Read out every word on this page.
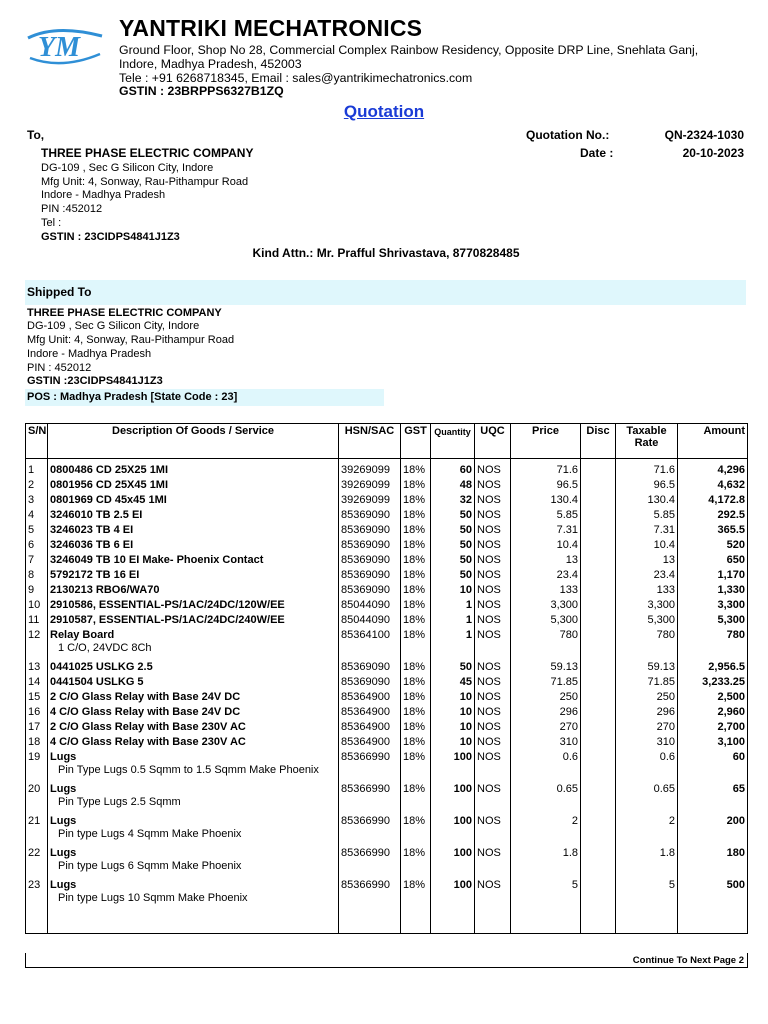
YM
YANTRIKI MECHATRONICS
Ground Floor, Shop No 28, Commercial Complex Rainbow Residency, Opposite DRP Line, Snehlata Ganj,
Indore, Madhya Pradesh, 452003
Tele : +91 6268718345, Email : sales@yantrikimechatronics.com
GSTIN : 23BRPPS6327B1ZQ
Quotation
To,
THREE PHASE ELECTRIC COMPANY
DG-109 , Sec G Silicon City, Indore
Mfg Unit: 4, Sonway, Rau-Pithampur Road
Indore - Madhya Pradesh
PIN :452012
Tel :
GSTIN : 23CIDPS4841J1Z3
Quotation No.:	QN-2324-1030
Date :	20-10-2023
Kind Attn.: Mr. Prafful Shrivastava, 8770828485
Shipped To
THREE PHASE ELECTRIC COMPANY
DG-109 , Sec G Silicon City, Indore
Mfg Unit: 4, Sonway, Rau-Pithampur Road
Indore - Madhya Pradesh
PIN : 452012
GSTIN :23CIDPS4841J1Z3
POS : Madhya Pradesh [State Code : 23]
S/N	Description Of Goods / Service	HSN/SAC	GST	Quantity	UQC	Price	Disc	Taxable Rate	Amount

1	0800486 CD 25X25 1MI	39269099	18%	60	NOS	71.6		71.6	4,296
2	0801956 CD 25X45 1MI	39269099	18%	48	NOS	96.5		96.5	4,632
3	0801969 CD 45x45 1MI	39269099	18%	32	NOS	130.4		130.4	4,172.8
4	3246010 TB 2.5 EI	85369090	18%	50	NOS	5.85		5.85	292.5
5	3246023 TB 4 EI	85369090	18%	50	NOS	7.31		7.31	365.5
6	3246036 TB 6 EI	85369090	18%	50	NOS	10.4		10.4	520
7	3246049 TB 10 EI Make- Phoenix Contact	85369090	18%	50	NOS	13		13	650
8	5792172 TB 16 EI	85369090	18%	50	NOS	23.4		23.4	1,170
9	2130213 RBO6/WA70	85369090	18%	10	NOS	133		133	1,330
10	2910586, ESSENTIAL-PS/1AC/24DC/120W/EE	85044090	18%	1	NOS	3,300		3,300	3,300
11	2910587, ESSENTIAL-PS/1AC/24DC/240W/EE	85044090	18%	1	NOS	5,300		5,300	5,300
12	Relay Board
1 C/O, 24VDC 8Ch	85364100	18%	1	NOS	780		780	780
13	0441025 USLKG 2.5	85369090	18%	50	NOS	59.13		59.13	2,956.5
14	0441504 USLKG 5	85369090	18%	45	NOS	71.85		71.85	3,233.25
15	2 C/O Glass Relay with Base 24V DC	85364900	18%	10	NOS	250		250	2,500
16	4 C/O Glass Relay with Base 24V DC	85364900	18%	10	NOS	296		296	2,960
17	2 C/O Glass Relay with Base 230V AC	85364900	18%	10	NOS	270		270	2,700
18	4 C/O Glass Relay with Base 230V AC	85364900	18%	10	NOS	310		310	3,100
19	Lugs
Pin Type Lugs 0.5 Sqmm to 1.5 Sqmm Make Phoenix	85366990	18%	100	NOS	0.6		0.6	60
20	Lugs
Pin Type Lugs 2.5 Sqmm	85366990	18%	100	NOS	0.65		0.65	65
21	Lugs
Pin type Lugs 4 Sqmm Make Phoenix	85366990	18%	100	NOS	2		2	200
22	Lugs
Pin type Lugs 6 Sqmm Make Phoenix	85366990	18%	100	NOS	1.8		1.8	180
23	Lugs
Pin type Lugs 10 Sqmm Make Phoenix	85366990	18%	100	NOS	5		5	500

Continue To Next Page 2
